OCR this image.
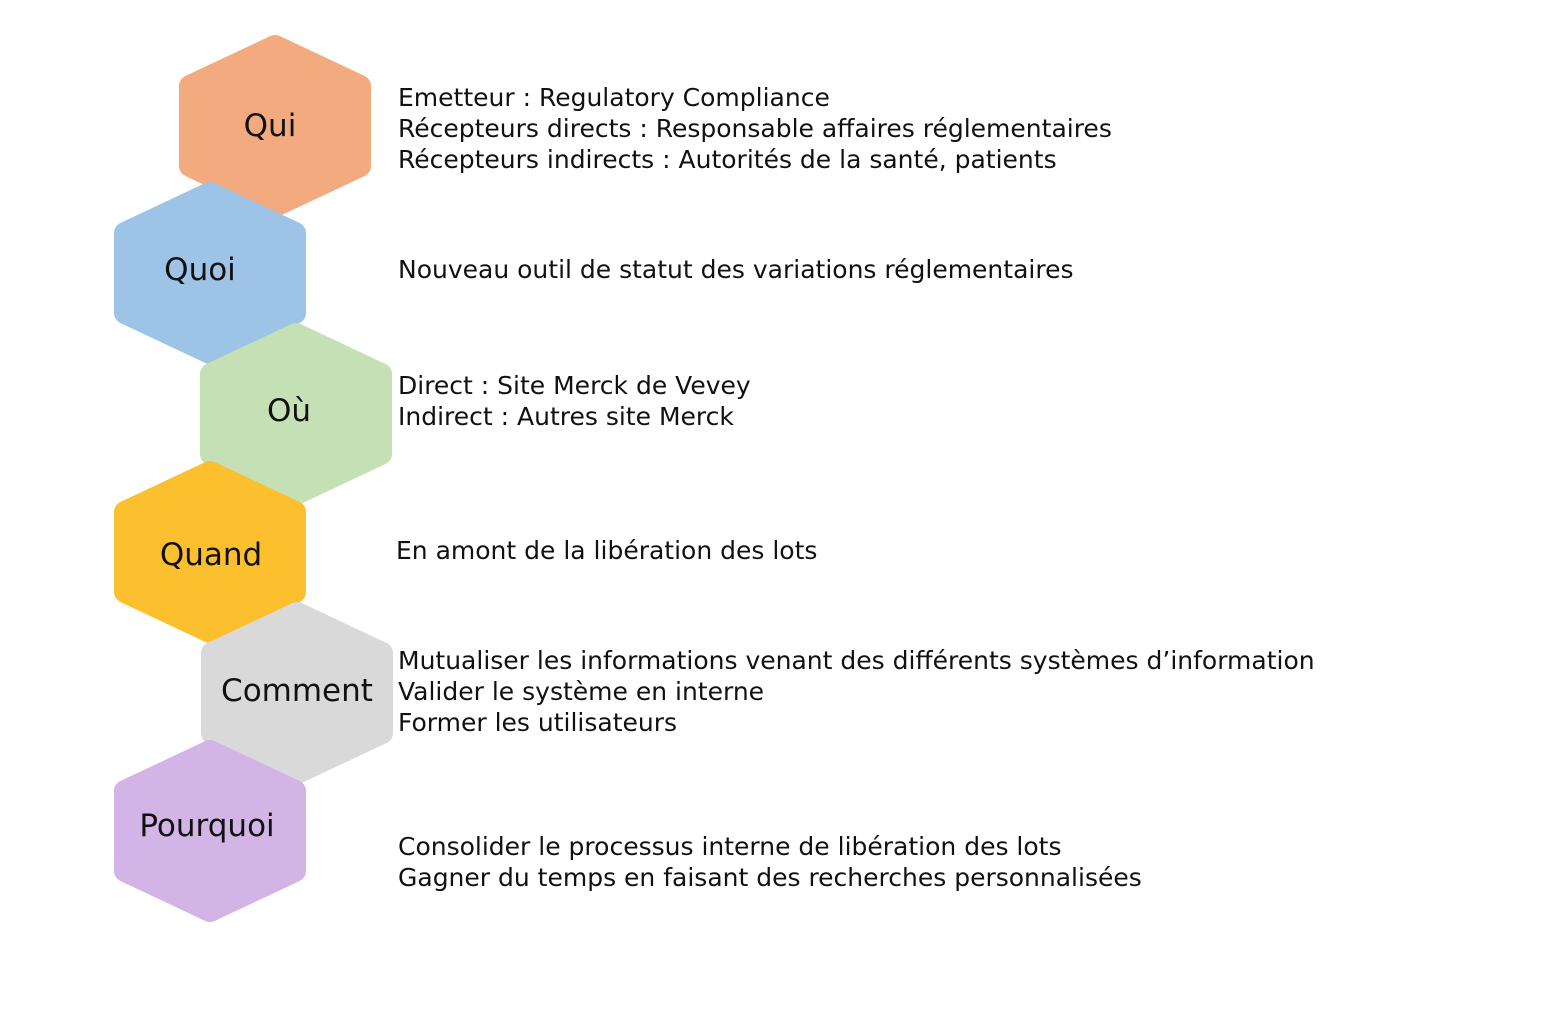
Qui
Quoi
Où
Quand
Comment
Pourquoi
Emetteur : Regulatory Compliance
Récepteurs directs : Responsable affaires réglementaires
Récepteurs indirects : Autorités de la santé, patients
Nouveau outil de statut des variations réglementaires
Direct : Site Merck de Vevey
Indirect : Autres site Merck
En amont de la libération des lots
Mutualiser les informations venant des différents systèmes d’information
Valider le système en interne
Former les utilisateurs
Consolider le processus interne de libération des lots
Gagner du temps en faisant des recherches personnalisées
